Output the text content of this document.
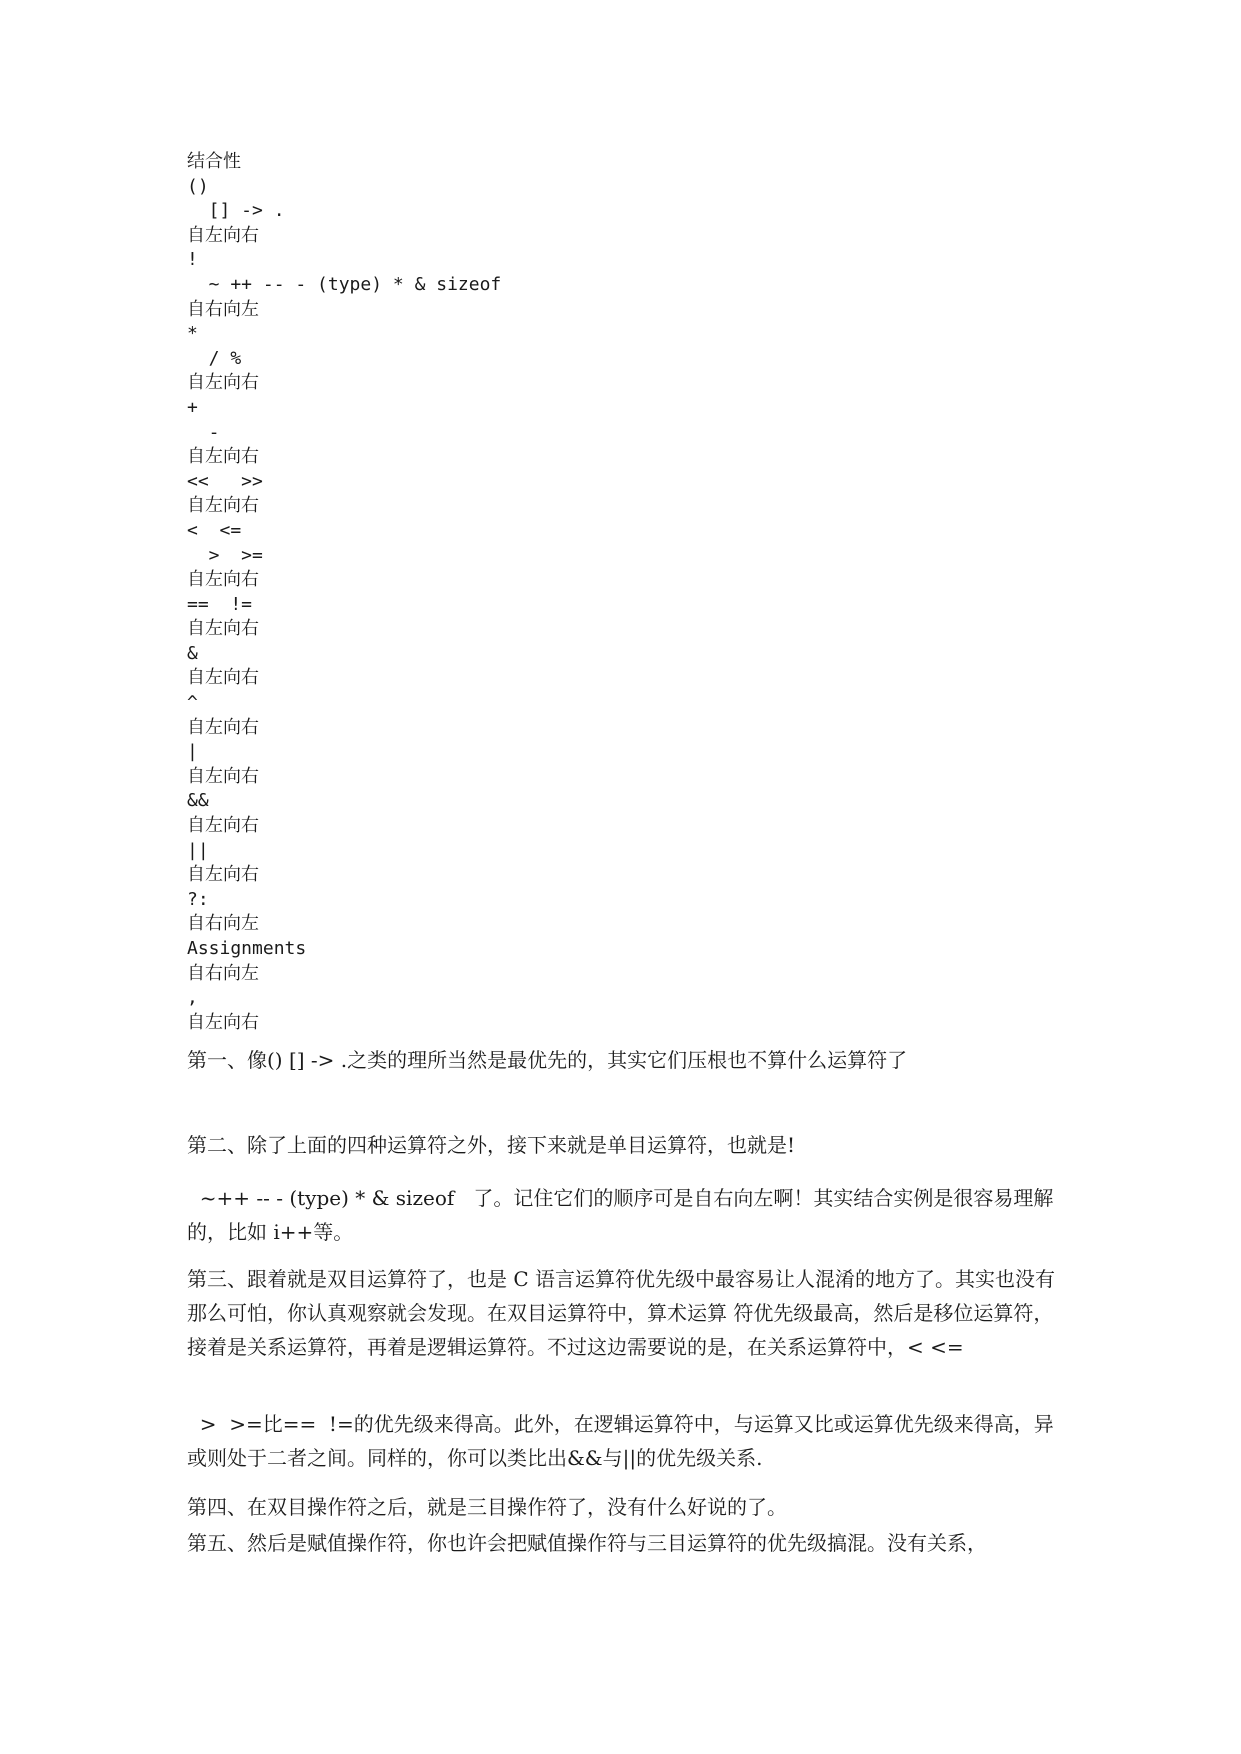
结合性
()
[] -> .
自左向右
!
~ ++ -- - (type) * & sizeof
自右向左
*
/ %
自左向右
+
-
自左向右
<<   >>
自左向右
<  <=
>  >=
自左向右
==  !=
自左向右
&
自左向右
^
自左向右
|
自左向右
&&
自左向右
||
自左向右
?:
自右向左
Assignments
自右向左
,
自左向右

第一、像() [] -> .之类的理所当然是最优先的，其实它们压根也不算什么运算符了

第二、除了上面的四种运算符之外，接下来就是单目运算符，也就是!

~++ -- - (type) * & sizeof   了。记住它们的顺序可是自右向左啊！其实结合实例是很容易理解的，比如 i++等。

第三、跟着就是双目运算符了，也是 C 语言运算符优先级中最容易让人混淆的地方了。其实也没有那么可怕，你认真观察就会发现。在双目运算符中，算术运算 符优先级最高，然后是移位运算符，接着是关系运算符，再着是逻辑运算符。不过这边需要说的是，在关系运算符中，< <=

>  >=比==  !=的优先级来得高。此外，在逻辑运算符中，与运算又比或运算优先级来得高，异或则处于二者之间。同样的，你可以类比出&&与||的优先级关系.

第四、在双目操作符之后，就是三目操作符了，没有什么好说的了。

第五、然后是赋值操作符，你也许会把赋值操作符与三目运算符的优先级搞混。没有关系，
